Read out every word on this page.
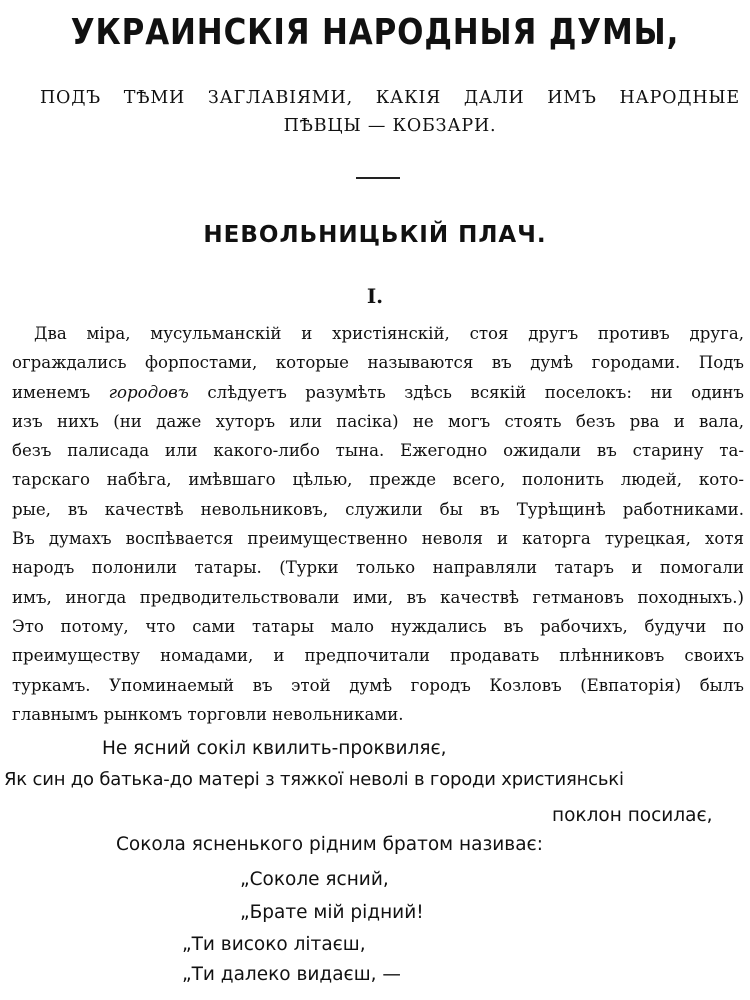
УКРАИНСКІЯ НАРОДНЫЯ ДУМЫ,
ПОДЪ ТѢМИ ЗАГЛАВІЯМИ, КАКІЯ ДАЛИ ИМЪ НАРОДНЫЕ
ПѢВЦЫ — КОБЗАРИ.
НЕВОЛЬНИЦЬКІЙ ПЛАЧ.
I.
Два міра, мусульманскій и христіянскій, стоя другъ противъ друга,
ограждались форпостами, которые называются въ думѣ городами. Подъ
именемъ городовъ слѣдуетъ разумѣть здѣсь всякій поселокъ: ни одинъ
изъ нихъ (ни даже хуторъ или пасіка) не могъ стоять безъ рва и вала,
безъ палисада или какого-либо тына. Ежегодно ожидали въ старину та-
тарскаго набѣга, имѣвшаго цѣлью, прежде всего, полонить людей, кото-
рые, въ качествѣ невольниковъ, служили бы въ Турѣщинѣ работниками.
Въ думахъ воспѣвается преимущественно неволя и каторга турецкая, хотя
народъ полонили татары. (Турки только направляли татаръ и помогали
имъ, иногда предводительствовали ими, въ качествѣ гетмановъ походныхъ.)
Это потому, что сами татары мало нуждались въ рабочихъ, будучи по
преимуществу номадами, и предпочитали продавать плѣнниковъ своихъ
туркамъ. Упоминаемый въ этой думѣ городъ Козловъ (Евпаторія) былъ
главнымъ рынкомъ торговли невольниками.
Не ясний сокіл квилить-проквиляє,
Як син до батька-до матері з тяжкої неволі в городи християнські
поклон посилає,
Сокола ясненького рідним братом називає:
„Соколе ясний,
„Брате мій рідний!
„Ти високо літаєш,
„Ти далеко видаєш, —
